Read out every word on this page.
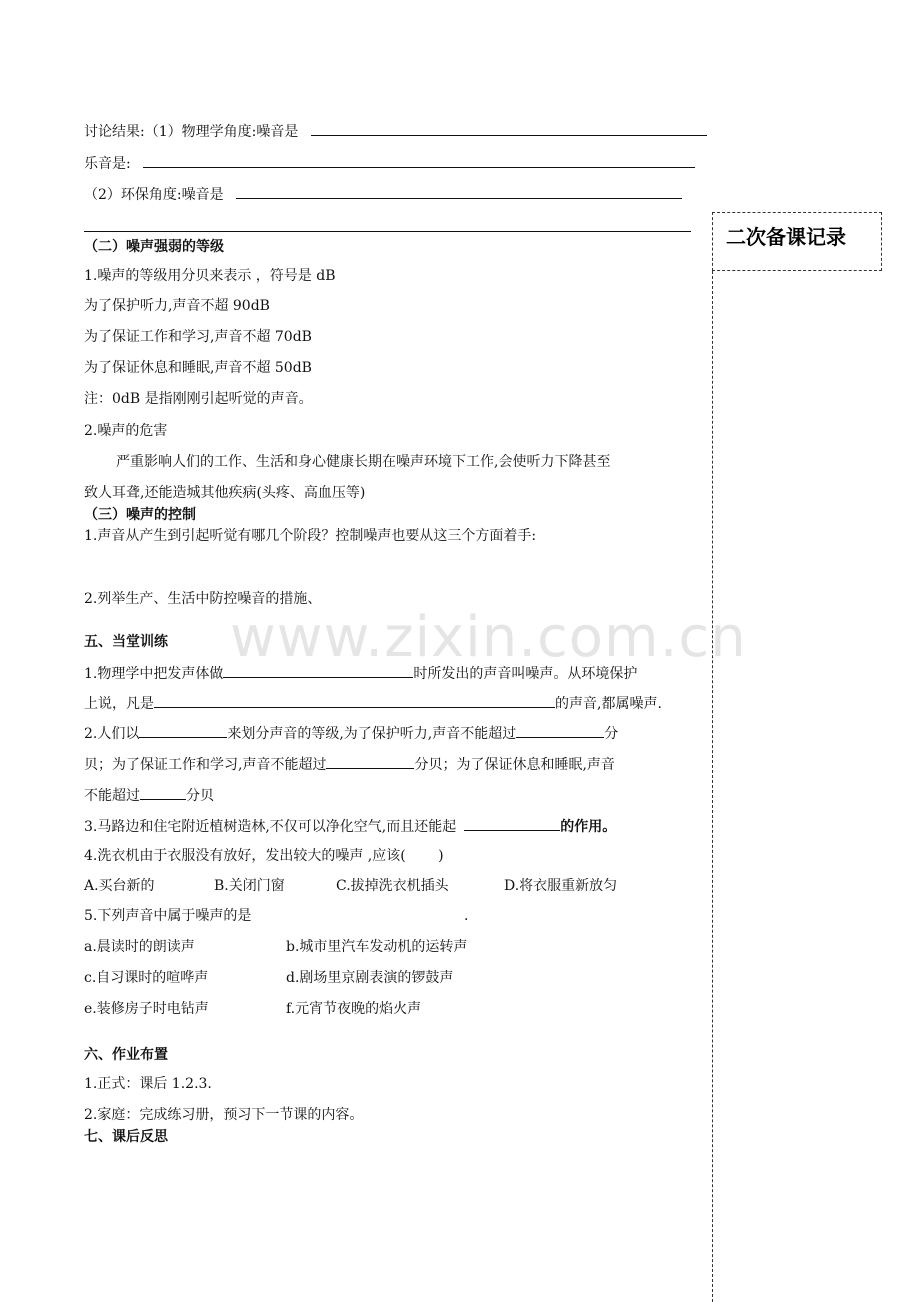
讨论结果:（1）物理学角度:噪音是
乐音是:
（2）环保角度:噪音是
二次备课记录
（二）噪声强弱的等级
1.噪声的等级用分贝来表示 ，符号是 dB
为了保护听力,声音不超 90dB
为了保证工作和学习,声音不超 70dB
为了保证休息和睡眠,声音不超 50dB
注：0dB 是指刚刚引起听觉的声音。
2.噪声的危害
严重影响人们的工作、生活和身心健康长期在噪声环境下工作,会使听力下降甚至
致人耳聋,还能造城其他疾病(头疼、高血压等)
（三）噪声的控制
1.声音从产生到引起听觉有哪几个阶段？控制噪声也要从这三个方面着手:
2.列举生产、生活中防控噪音的措施、
www.zixin.com.cn
五、当堂训练
1.物理学中把发声体做	时所发出的声音叫噪声。从环境保护
上说，凡是	的声音,都属噪声.
2.人们以	来划分声音的等级,为了保护听力,声音不能超过	分
贝；为了保证工作和学习,声音不能超过	分贝；为了保证休息和睡眠,声音
不能超过	分贝
3.马路边和住宅附近植树造林,不仅可以净化空气,而且还能起	的作用。
4.洗衣机由于衣服没有放好，发出较大的噪声 ,应该(　　 )
A.买台新的	B.关闭门窗	C.拔掉洗衣机插头	D.将衣服重新放匀
5.下列声音中属于噪声的是	.
a.晨读时的朗读声	b.城市里汽车发动机的运转声
c.自习课时的喧哗声	d.剧场里京剧表演的锣鼓声
e.装修房子时电钻声	f.元宵节夜晚的焰火声
六、作业布置
1.正式：课后 1.2.3.
2.家庭：完成练习册，预习下一节课的内容。
七、课后反思
